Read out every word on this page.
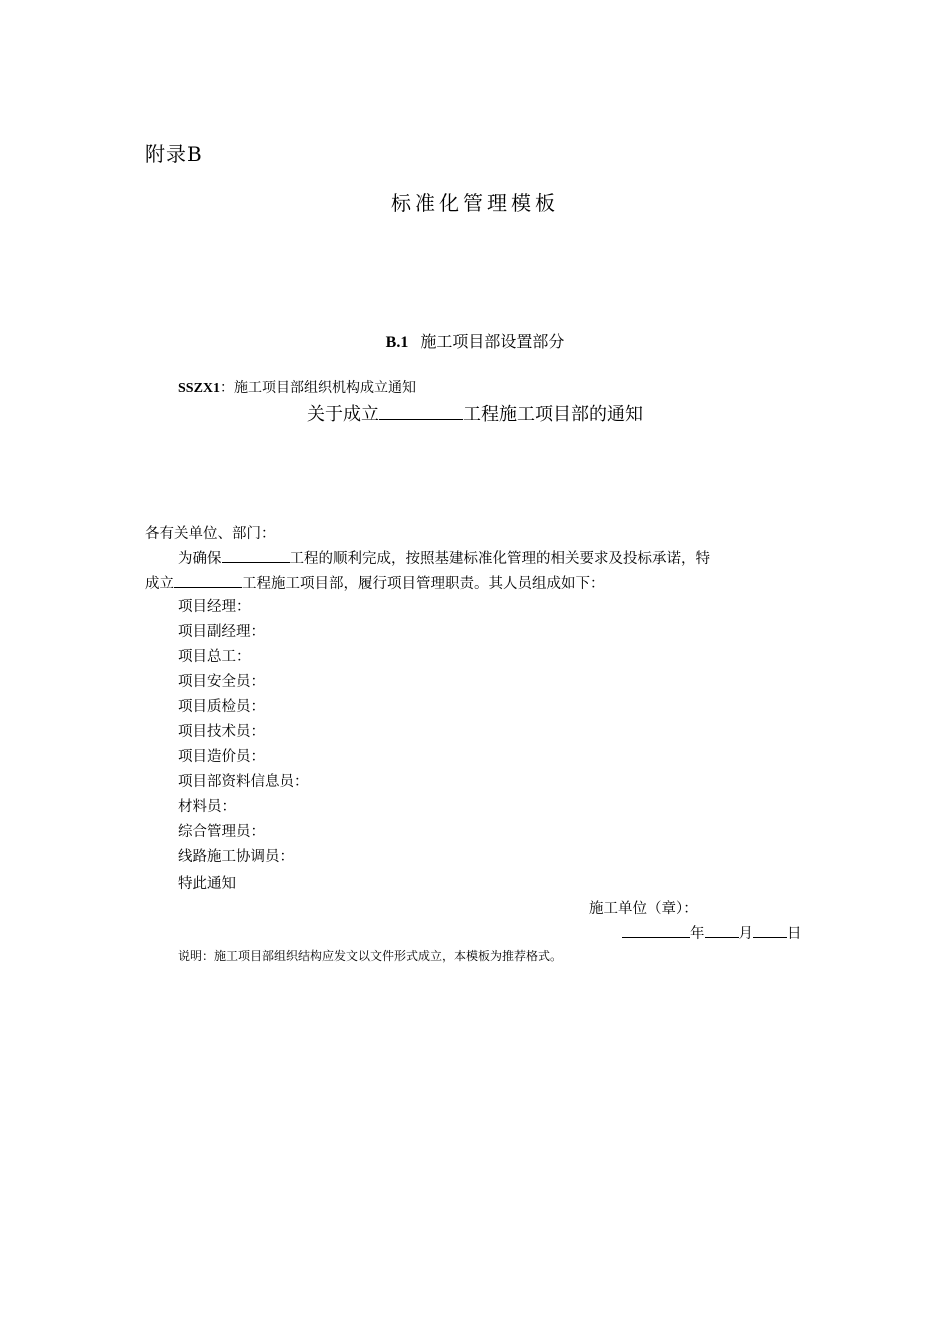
附录B
标准化管理模板
B.1 施工项目部设置部分
SSZX1：施工项目部组织机构成立通知
关于成立	工程施工项目部的通知
各有关单位、部门：
为确保	工程的顺利完成，按照基建标准化管理的相关要求及投标承诺，特
成立	工程施工项目部，履行项目管理职责。其人员组成如下：
项目经理：
项目副经理：
项目总工：
项目安全员：
项目质检员：
项目技术员：
项目造价员：
项目部资料信息员：
材料员：
综合管理员：
线路施工协调员：
特此通知
施工单位（章）：
年 月 日
说明：施工项目部组织结构应发文以文件形式成立，本模板为推荐格式。
